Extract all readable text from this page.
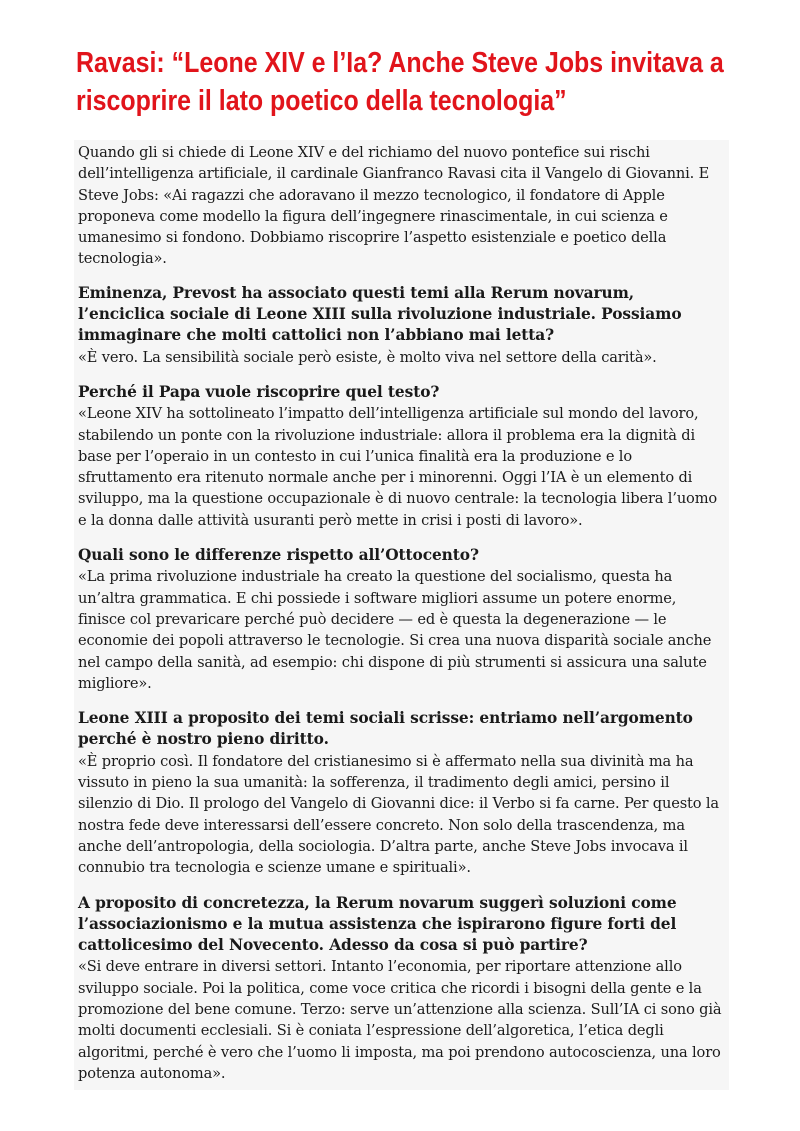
Ravasi: “Leone XIV e l’Ia? Anche Steve Jobs invitava a riscoprire il lato poetico della tecnologia”

Quando gli si chiede di Leone XIV e del richiamo del nuovo pontefice sui rischi dell’intelligenza artificiale, il cardinale Gianfranco Ravasi cita il Vangelo di Giovanni. E Steve Jobs: «Ai ragazzi che adoravano il mezzo tecnologico, il fondatore di Apple proponeva come modello la figura dell’ingegnere rinascimentale, in cui scienza e umanesimo si fondono. Dobbiamo riscoprire l’aspetto esistenziale e poetico della tecnologia».

Eminenza, Prevost ha associato questi temi alla Rerum novarum, l’enciclica sociale di Leone XIII sulla rivoluzione industriale. Possiamo immaginare che molti cattolici non l’abbiano mai letta?

«È vero. La sensibilità sociale però esiste, è molto viva nel settore della carità».

Perché il Papa vuole riscoprire quel testo?

«Leone XIV ha sottolineato l’impatto dell’intelligenza artificiale sul mondo del lavoro, stabilendo un ponte con la rivoluzione industriale: allora il problema era la dignità di base per l’operaio in un contesto in cui l’unica finalità era la produzione e lo sfruttamento era ritenuto normale anche per i minorenni. Oggi l’IA è un elemento di sviluppo, ma la questione occupazionale è di nuovo centrale: la tecnologia libera l’uomo e la donna dalle attività usuranti però mette in crisi i posti di lavoro».

Quali sono le differenze rispetto all’Ottocento?

«La prima rivoluzione industriale ha creato la questione del socialismo, questa ha un’altra grammatica. E chi possiede i software migliori assume un potere enorme, finisce col prevaricare perché può decidere — ed è questa la degenerazione — le economie dei popoli attraverso le tecnologie. Si crea una nuova disparità sociale anche nel campo della sanità, ad esempio: chi dispone di più strumenti si assicura una salute migliore».

Leone XIII a proposito dei temi sociali scrisse: entriamo nell’argomento perché è nostro pieno diritto.

«È proprio così. Il fondatore del cristianesimo si è affermato nella sua divinità ma ha vissuto in pieno la sua umanità: la sofferenza, il tradimento degli amici, persino il silenzio di Dio. Il prologo del Vangelo di Giovanni dice: il Verbo si fa carne. Per questo la nostra fede deve interessarsi dell’essere concreto. Non solo della trascendenza, ma anche dell’antropologia, della sociologia. D’altra parte, anche Steve Jobs invocava il connubio tra tecnologia e scienze umane e spirituali».

A proposito di concretezza, la Rerum novarum suggerì soluzioni come l’associazionismo e la mutua assistenza che ispirarono figure forti del cattolicesimo del Novecento. Adesso da cosa si può partire?

«Si deve entrare in diversi settori. Intanto l’economia, per riportare attenzione allo sviluppo sociale. Poi la politica, come voce critica che ricordi i bisogni della gente e la promozione del bene comune. Terzo: serve un’attenzione alla scienza. Sull’IA ci sono già molti documenti ecclesiali. Si è coniata l’espressione dell’algoretica, l’etica degli algoritmi, perché è vero che l’uomo li imposta, ma poi prendono autocoscienza, una loro potenza autonoma».
